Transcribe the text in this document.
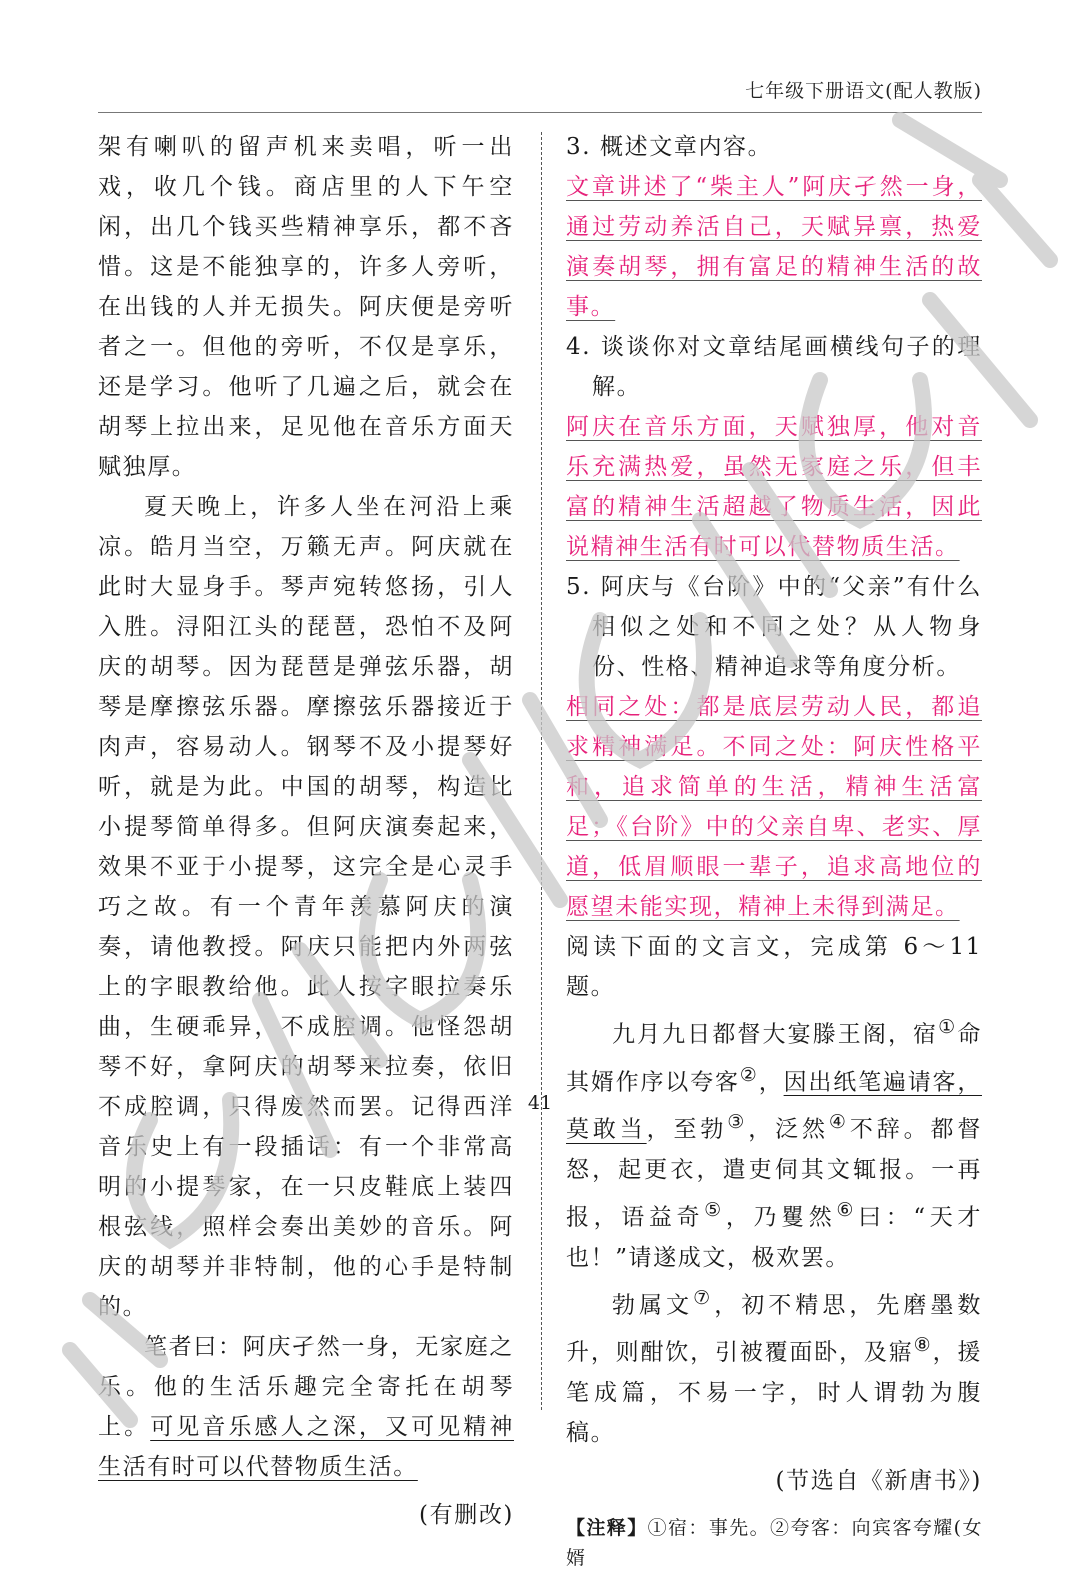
七年级下册语文(配人教版)

架有喇叭的留声机来卖唱，听一出戏，收几个钱。商店里的人下午空闲，出几个钱买些精神享乐，都不吝惜。这是不能独享的，许多人旁听，在出钱的人并无损失。阿庆便是旁听者之一。但他的旁听，不仅是享乐，还是学习。他听了几遍之后，就会在胡琴上拉出来，足见他在音乐方面天赋独厚。

夏天晚上，许多人坐在河沿上乘凉。皓月当空，万籁无声。阿庆就在此时大显身手。琴声宛转悠扬，引人入胜。浔阳江头的琵琶，恐怕不及阿庆的胡琴。因为琵琶是弹弦乐器，胡琴是摩擦弦乐器。摩擦弦乐器接近于肉声，容易动人。钢琴不及小提琴好听，就是为此。中国的胡琴，构造比小提琴简单得多。但阿庆演奏起来，效果不亚于小提琴，这完全是心灵手巧之故。有一个青年羡慕阿庆的演奏，请他教授。阿庆只能把内外两弦上的字眼教给他。此人按字眼拉奏乐曲，生硬乖异，不成腔调。他怪怨胡琴不好，拿阿庆的胡琴来拉奏，依旧不成腔调，只得废然而罢。记得西洋音乐史上有一段插话：有一个非常高明的小提琴家，在一只皮鞋底上装四根弦线，照样会奏出美妙的音乐。阿庆的胡琴并非特制，他的心手是特制的。

笔者曰：阿庆孑然一身，无家庭之乐。他的生活乐趣完全寄托在胡琴上。可见音乐感人之深，又可见精神生活有时可以代替物质生活。

(有删改)

3. 概述文章内容。

文章讲述了“柴主人”阿庆孑然一身，通过劳动养活自己，天赋异禀，热爱演奏胡琴，拥有富足的精神生活的故事。

4. 谈谈你对文章结尾画横线句子的理解。

阿庆在音乐方面，天赋独厚，他对音乐充满热爱，虽然无家庭之乐，但丰富的精神生活超越了物质生活，因此说精神生活有时可以代替物质生活。

5. 阿庆与《台阶》中的“父亲”有什么相似之处和不同之处？从人物身份、性格、精神追求等角度分析。

相同之处：都是底层劳动人民，都追求精神满足。不同之处：阿庆性格平和，追求简单的生活，精神生活富足；《台阶》中的父亲自卑、老实、厚道，低眉顺眼一辈子，追求高地位的愿望未能实现，精神上未得到满足。

阅读下面的文言文，完成第 6～11 题。

九月九日都督大宴滕王阁，宿①命其婿作序以夸客②，因出纸笔遍请客，莫敢当，至勃③，泛然④不辞。都督怒，起更衣，遣吏伺其文辄报。一再报，语益奇⑤，乃矍然⑥曰：“天才也！”请遂成文，极欢罢。

勃属文⑦，初不精思，先磨墨数升，则酣饮，引被覆面卧，及寤⑧，援笔成篇，不易一字，时人谓勃为腹稿。

(节选自《新唐书》)

【注释】①宿：事先。②夸客：向宾客夸耀(女婿

41
